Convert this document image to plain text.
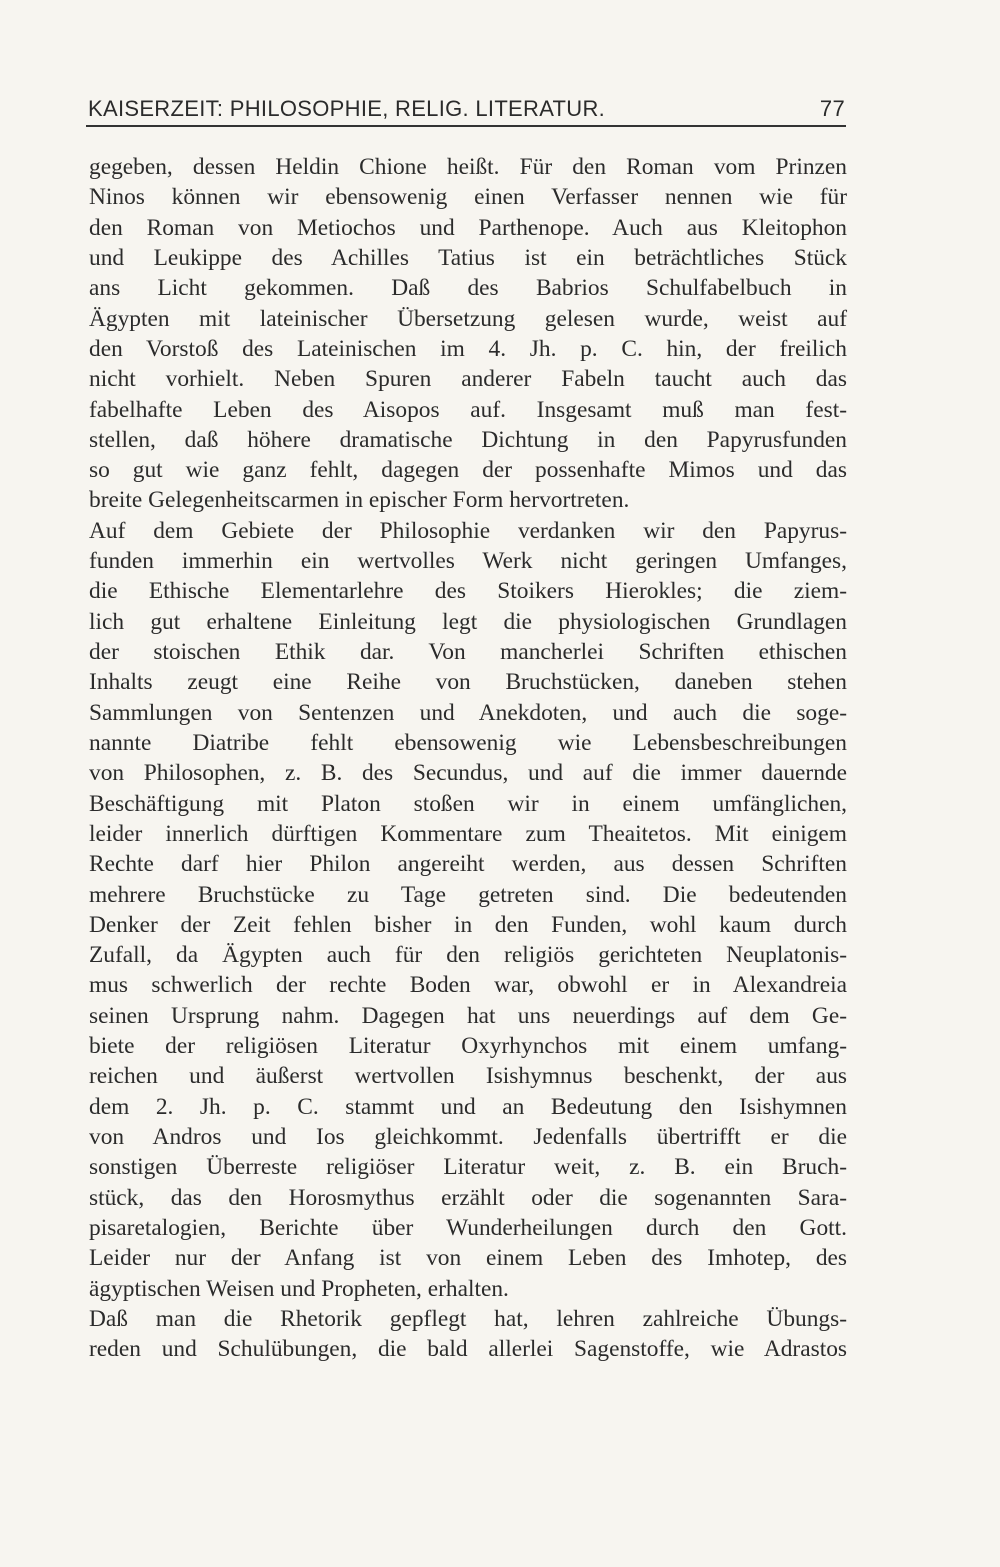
KAISERZEIT: PHILOSOPHIE, RELIG. LITERATUR.	77
gegeben, dessen Heldin Chione heißt. Für den Roman vom Prinzen
Ninos können wir ebensowenig einen Verfasser nennen wie für
den Roman von Metiochos und Parthenope. Auch aus Kleitophon
und Leukippe des Achilles Tatius ist ein beträchtliches Stück
ans Licht gekommen. Daß des Babrios Schulfabelbuch in
Ägypten mit lateinischer Übersetzung gelesen wurde, weist auf
den Vorstoß des Lateinischen im 4. Jh. p. C. hin, der freilich
nicht vorhielt. Neben Spuren anderer Fabeln taucht auch das
fabelhafte Leben des Aisopos auf. Insgesamt muß man fest-
stellen, daß höhere dramatische Dichtung in den Papyrusfunden
so gut wie ganz fehlt, dagegen der possenhafte Mimos und das
breite Gelegenheitscarmen in epischer Form hervortreten.
Auf dem Gebiete der Philosophie verdanken wir den Papyrus-
funden immerhin ein wertvolles Werk nicht geringen Umfanges,
die Ethische Elementarlehre des Stoikers Hierokles; die ziem-
lich gut erhaltene Einleitung legt die physiologischen Grundlagen
der stoischen Ethik dar. Von mancherlei Schriften ethischen
Inhalts zeugt eine Reihe von Bruchstücken, daneben stehen
Sammlungen von Sentenzen und Anekdoten, und auch die soge-
nannte Diatribe fehlt ebensowenig wie Lebensbeschreibungen
von Philosophen, z. B. des Secundus, und auf die immer dauernde
Beschäftigung mit Platon stoßen wir in einem umfänglichen,
leider innerlich dürftigen Kommentare zum Theaitetos. Mit einigem
Rechte darf hier Philon angereiht werden, aus dessen Schriften
mehrere Bruchstücke zu Tage getreten sind. Die bedeutenden
Denker der Zeit fehlen bisher in den Funden, wohl kaum durch
Zufall, da Ägypten auch für den religiös gerichteten Neuplatonis-
mus schwerlich der rechte Boden war, obwohl er in Alexandreia
seinen Ursprung nahm. Dagegen hat uns neuerdings auf dem Ge-
biete der religiösen Literatur Oxyrhynchos mit einem umfang-
reichen und äußerst wertvollen Isishymnus beschenkt, der aus
dem 2. Jh. p. C. stammt und an Bedeutung den Isishymnen
von Andros und Ios gleichkommt. Jedenfalls übertrifft er die
sonstigen Überreste religiöser Literatur weit, z. B. ein Bruch-
stück, das den Horosmythus erzählt oder die sogenannten Sara-
pisaretalogien, Berichte über Wunderheilungen durch den Gott.
Leider nur der Anfang ist von einem Leben des Imhotep, des
ägyptischen Weisen und Propheten, erhalten.
Daß man die Rhetorik gepflegt hat, lehren zahlreiche Übungs-
reden und Schulübungen, die bald allerlei Sagenstoffe, wie Adrastos
